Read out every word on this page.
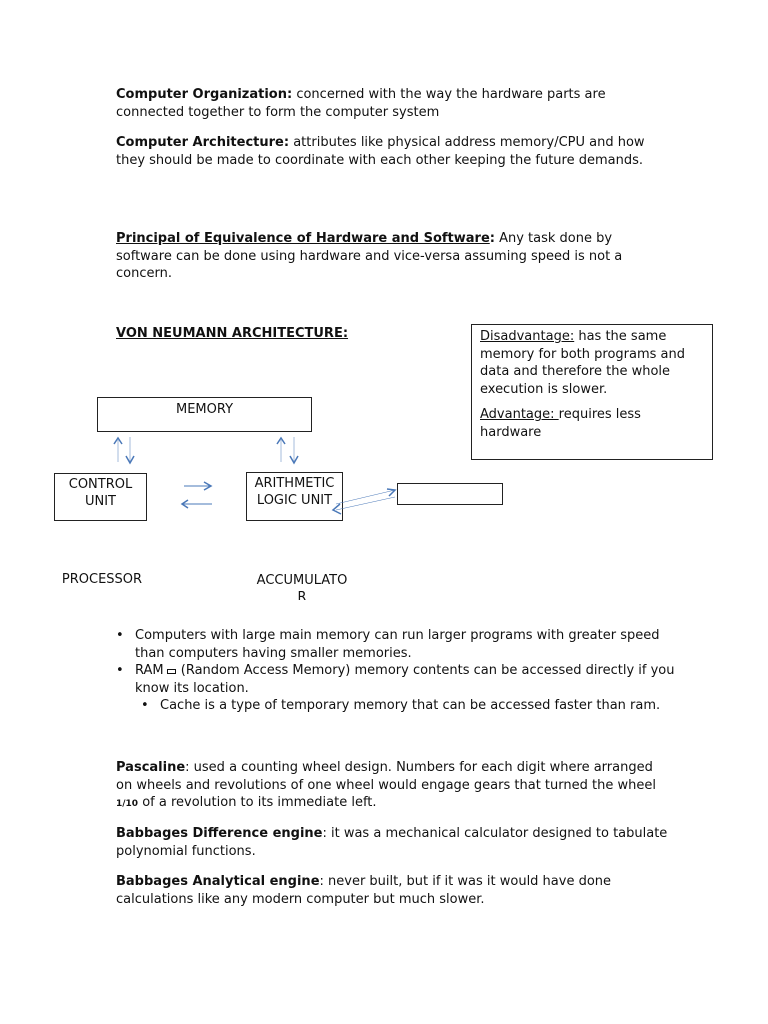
Computer Organization: concerned with the way the hardware parts are connected together to form the computer system

Computer Architecture: attributes like physical address memory/CPU and how they should be made to coordinate with each other keeping the future demands.

Principal of Equivalence of Hardware and Software: Any task done by software can be done using hardware and vice-versa assuming speed is not a concern.

VON NEUMANN ARCHITECTURE:	Disadvantage: has the same memory for both programs and data and therefore the whole execution is slower.
Advantage: requires less hardware
MEMORY
CONTROL UNIT
ARITHMETIC LOGIC UNIT
PROCESSOR	ACCUMULATOR
• Computers with large main memory can run larger programs with greater speed than computers having smaller memories.
• RAM (Random Access Memory) memory contents can be accessed directly if you know its location.
• Cache is a type of temporary memory that can be accessed faster than ram.

Pascaline: used a counting wheel design. Numbers for each digit where arranged on wheels and revolutions of one wheel would engage gears that turned the wheel 1/10 of a revolution to its immediate left.

Babbages Difference engine: it was a mechanical calculator designed to tabulate polynomial functions.

Babbages Analytical engine: never built, but if it was it would have done calculations like any modern computer but much slower.
